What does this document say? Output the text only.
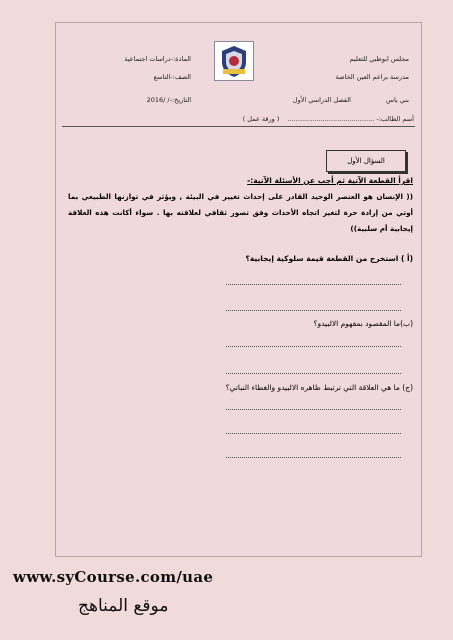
مجلس ابوظبي للتعليم
مدرسة براعم العين الخاصة
بني ياس
الفصل الدراسي الأول
المادة:-دراسات اجتماعية
الصف:-التاسع
التاريخ:-/ /2016
أسم الطالب:- .......................................... ( ورقة عمل )
السؤال الأول
اقرأ القطعة الآتية ثم أجب عن الأسئلة الآتية:-
(( الإنسان هو العنصر الوحيد القادر على إحداث تغيير في البيئة , ويؤثر في توازنها الطبيعي بما أوتي من إرادة حرة لتغير اتجاه الأحداث وفق تصور ثقافي لعلاقته بها . سواء أكانت هذه العلاقة إيجابية أم سلبية))
(أ ) استخرج من القطعة قيمة سلوكية إيجابية؟
(ب)ما المقصود بمفهوم الالبيدو؟
(ج) ما هي العلاقة التي ترتبط ظاهره الالبيدو والغطاء النباتي؟
www.syCourse.com/uae
موقع المناهج
